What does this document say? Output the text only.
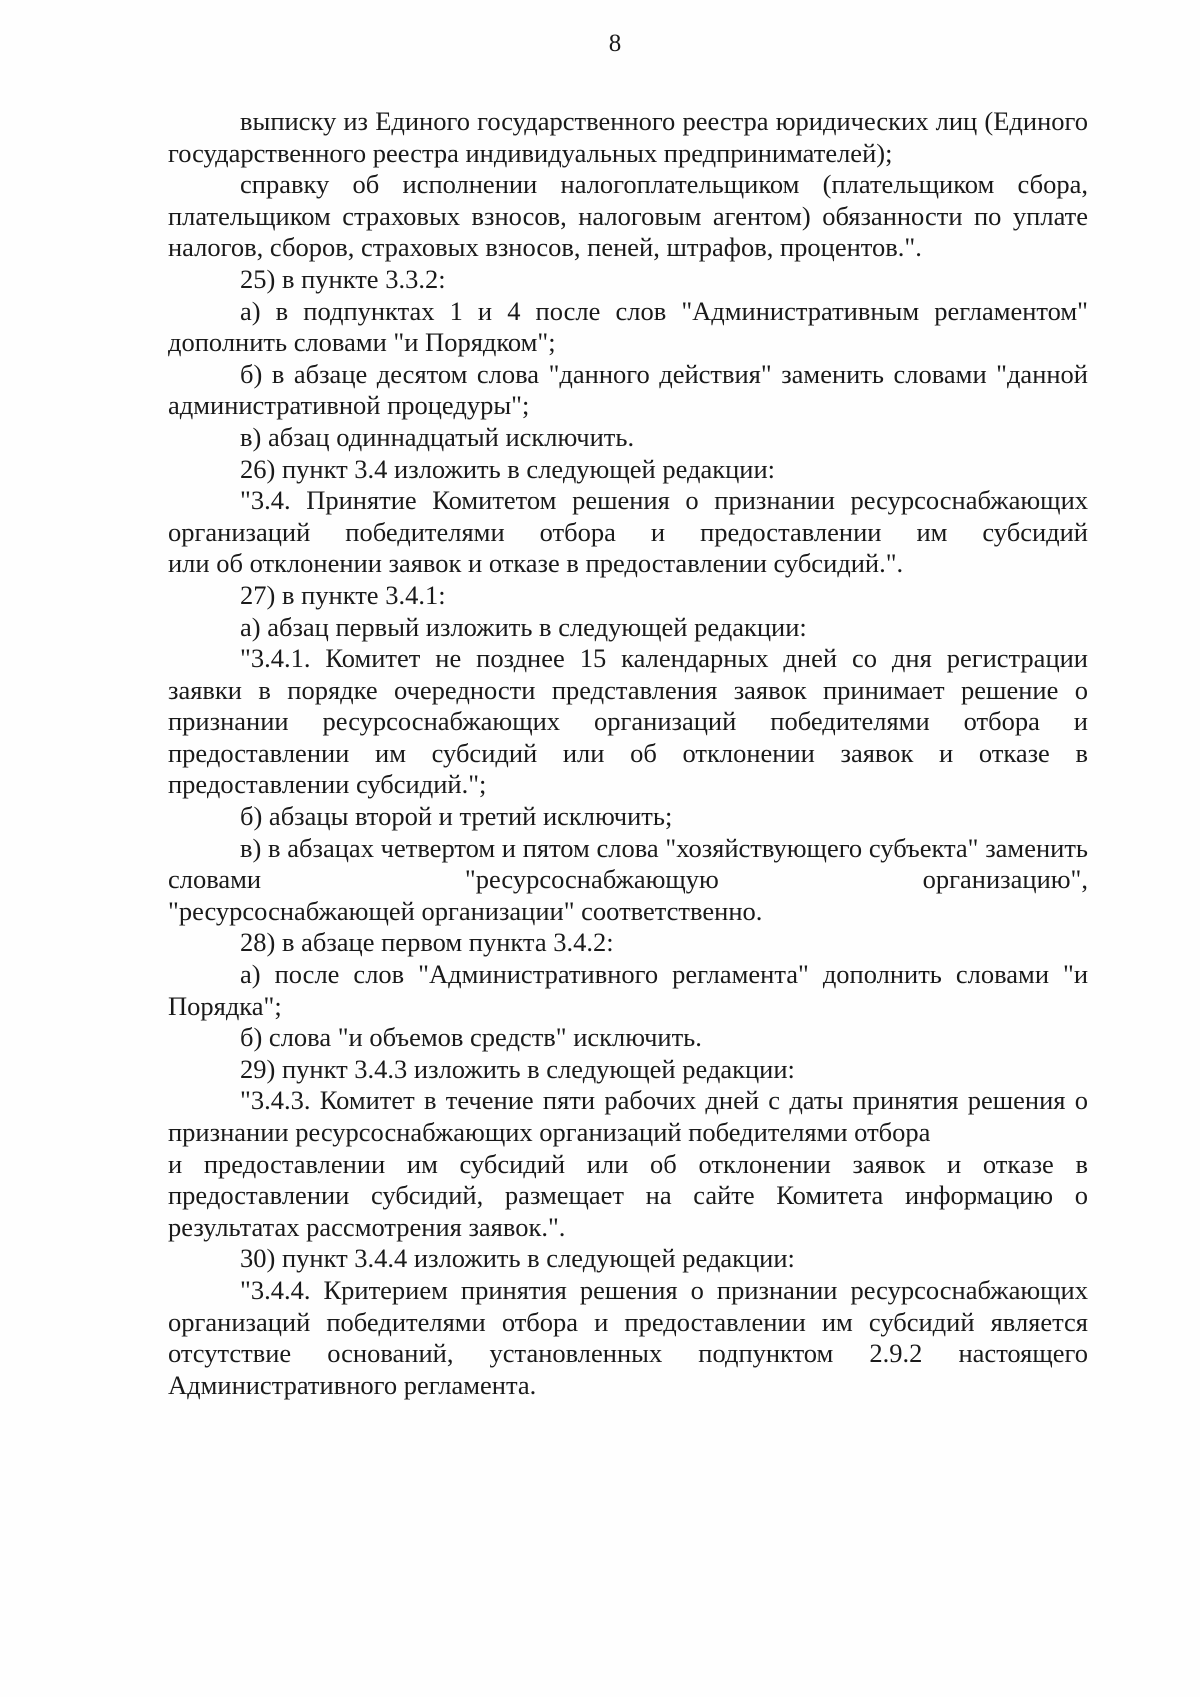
8

выписку из Единого государственного реестра юридических лиц (Единого государственного реестра индивидуальных предпринимателей);

справку об исполнении налогоплательщиком (плательщиком сбора, плательщиком страховых взносов, налоговым агентом) обязанности по уплате налогов, сборов, страховых взносов, пеней, штрафов, процентов.".

25) в пункте 3.3.2:

а) в подпунктах 1 и 4 после слов "Административным регламентом" дополнить словами "и Порядком";

б) в абзаце десятом слова "данного действия" заменить словами "данной административной процедуры";

в) абзац одиннадцатый исключить.

26) пункт 3.4 изложить в следующей редакции:

"3.4. Принятие Комитетом решения о признании ресурсоснабжающих организаций победителями отбора и предоставлении им субсидий

или об отклонении заявок и отказе в предоставлении субсидий.".

27) в пункте 3.4.1:

а) абзац первый изложить в следующей редакции:

"3.4.1. Комитет не позднее 15 календарных дней со дня регистрации заявки в порядке очередности представления заявок принимает решение о признании ресурсоснабжающих организаций победителями отбора и предоставлении им субсидий или об отклонении заявок и отказе в предоставлении субсидий.";

б) абзацы второй и третий исключить;

в) в абзацах четвертом и пятом слова "хозяйствующего субъекта" заменить словами "ресурсоснабжающую организацию",

"ресурсоснабжающей организации" соответственно.

28) в абзаце первом пункта 3.4.2:

а) после слов "Административного регламента" дополнить словами "и Порядка";

б) слова "и объемов средств" исключить.

29) пункт 3.4.3 изложить в следующей редакции:

"3.4.3. Комитет в течение пяти рабочих дней с даты принятия решения о признании ресурсоснабжающих организаций победителями отбора

и предоставлении им субсидий или об отклонении заявок и отказе в предоставлении субсидий, размещает на сайте Комитета информацию о результатах рассмотрения заявок.".

30) пункт 3.4.4 изложить в следующей редакции:

"3.4.4. Критерием принятия решения о признании ресурсоснабжающих организаций победителями отбора и предоставлении им субсидий является отсутствие оснований, установленных подпунктом 2.9.2 настоящего Административного регламента.
